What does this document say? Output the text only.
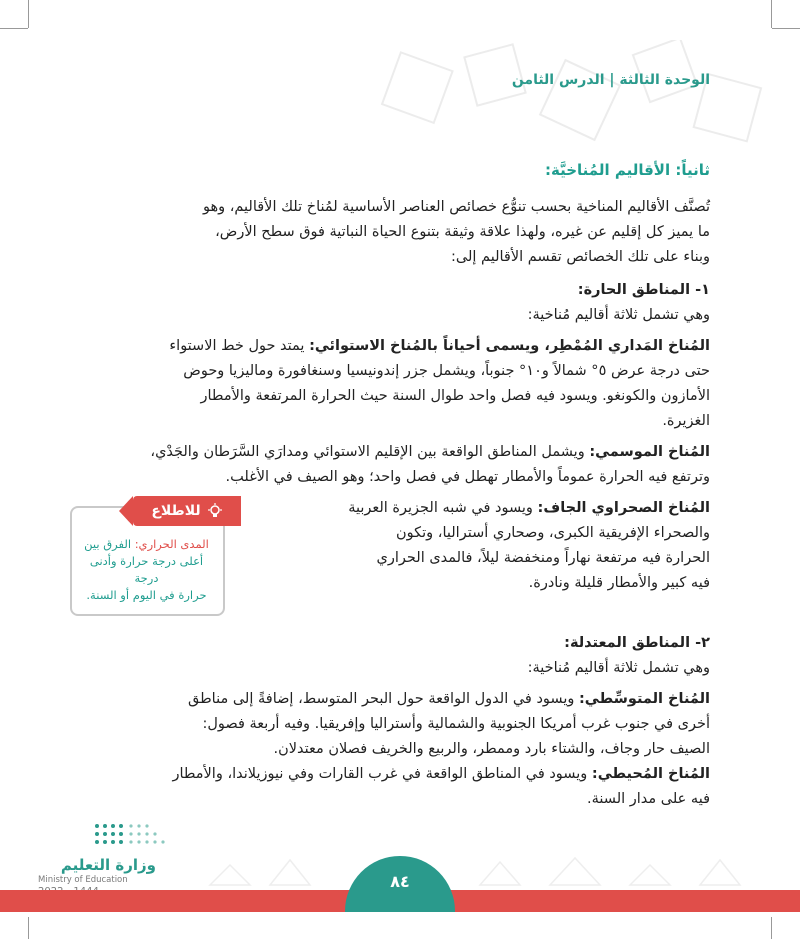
الوحدة الثالثة | الدرس الثامن

ثانياً: الأقاليم المُناخيَّة:

تُصنَّف الأقاليم المناخية بحسب تنوُّع خصائص العناصر الأساسية لمُناخ تلك الأقاليم، وهو

ما يميز كل إقليم عن غيره، ولهذا علاقة وثيقة بتنوع الحياة النباتية فوق سطح الأرض،

وبناء على تلك الخصائص تقسم الأقاليم إلى:

١- المناطق الحارة:

وهي تشمل ثلاثة أقاليم مُناخية:

المُناخ المَداري المُمْطِر، ويسمى أحياناً بالمُناخ الاستوائي: يمتد حول خط الاستواء

حتى درجة عرض ٥° شمالاً و١٠° جنوباً، ويشمل جزر إندونيسيا وسنغافورة وماليزيا وحوض

الأمازون والكونغو. ويسود فيه فصل واحد طوال السنة حيث الحرارة المرتفعة والأمطار

الغزيرة.

المُناخ الموسمي: ويشمل المناطق الواقعة بين الإقليم الاستوائي ومدارَي السَّرَطان والجَدْي،

وترتفع فيه الحرارة عموماً والأمطار تهطل في فصل واحد؛ وهو الصيف في الأغلب.

المُناخ الصحراوي الجاف: ويسود في شبه الجزيرة العربية

والصحراء الإفريقية الكبرى، وصحاري أستراليا، وتكون

الحرارة فيه مرتفعة نهاراً ومنخفضة ليلاً، فالمدى الحراري

فيه كبير والأمطار قليلة ونادرة.

للاطلاع
المدى الحراري: الفرق بين
أعلى درجة حرارة وأدنى درجة
حرارة في اليوم أو السنة.

٢- المناطق المعتدلة:

وهي تشمل ثلاثة أقاليم مُناخية:

المُناخ المتوسِّطي: ويسود في الدول الواقعة حول البحر المتوسط، إضافةً إلى مناطق

أخرى في جنوب غرب أمريكا الجنوبية والشمالية وأستراليا وإفريقيا. وفيه أربعة فصول:

الصيف حار وجاف، والشتاء بارد وممطر، والربيع والخريف فصلان معتدلان.

المُناخ المُحيطي: ويسود في المناطق الواقعة في غرب القارات وفي نيوزيلاندا، والأمطار

فيه على مدار السنة.

وزارة التعليم
Ministry of Education	٨٤
